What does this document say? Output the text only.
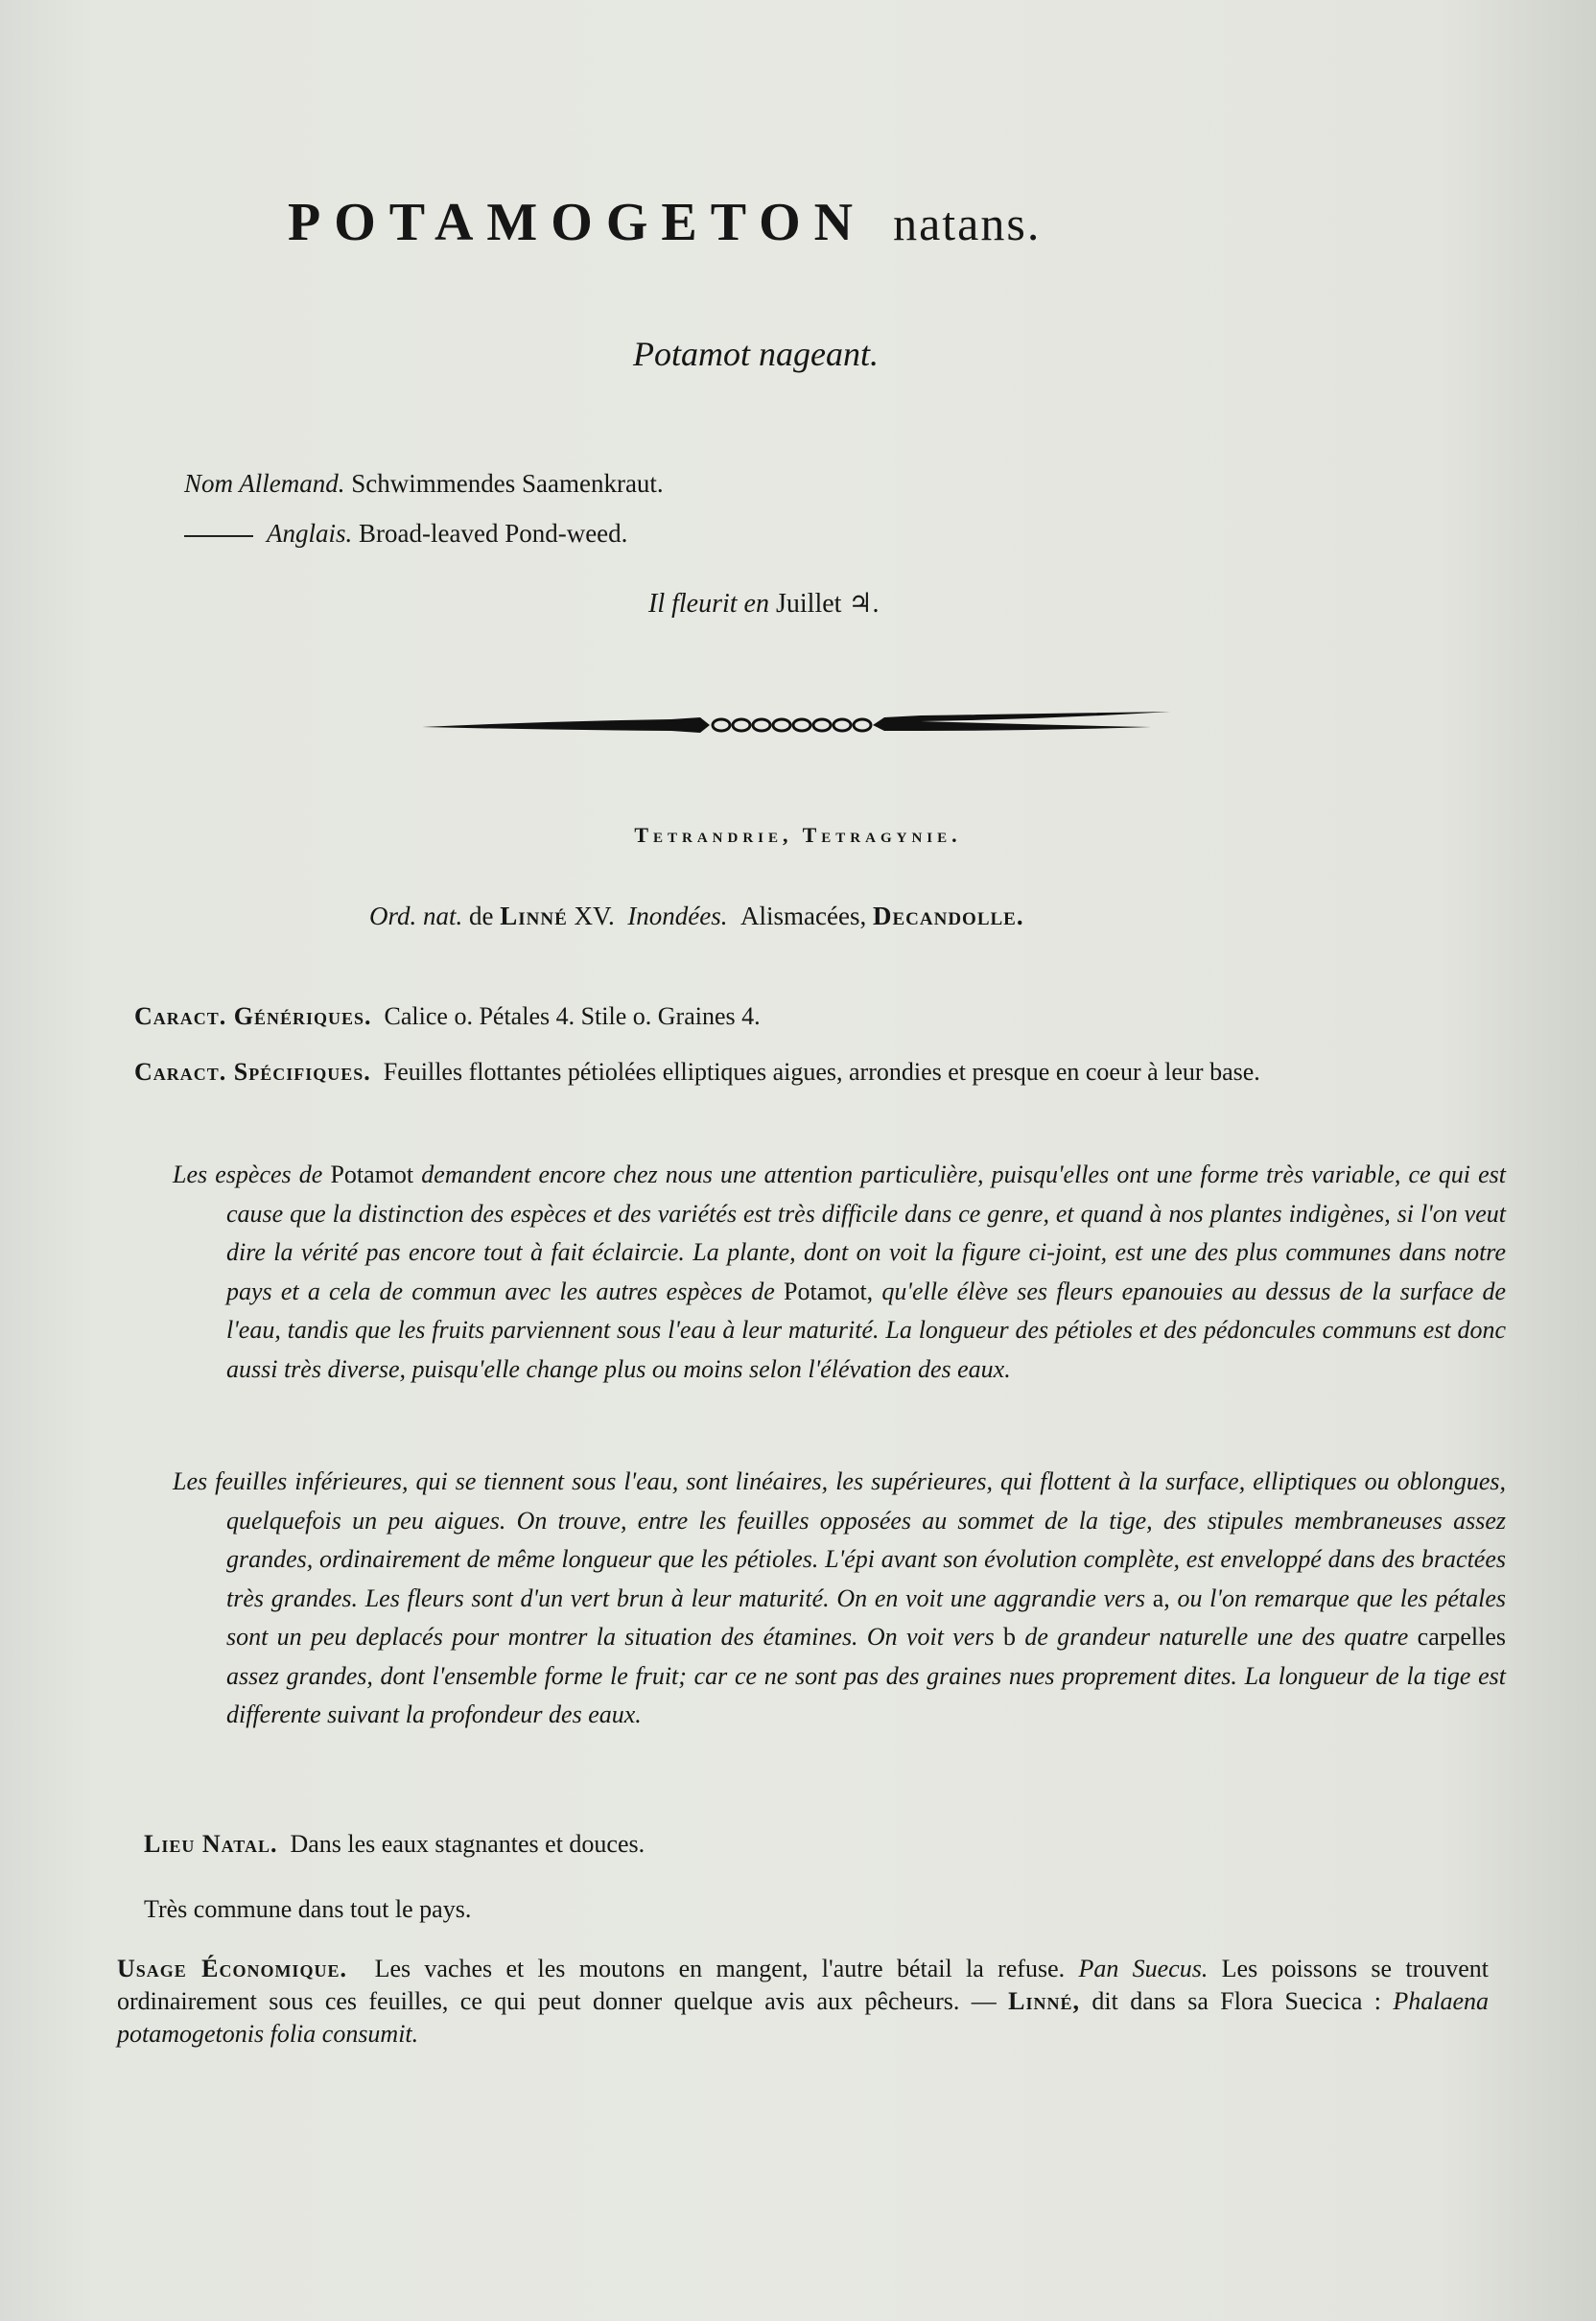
POTAMOGETON natans.
Potamot nageant.
Nom Allemand. Schwimmendes Saamenkraut.
Anglais. Broad-leaved Pond-weed.
Il fleurit en Juillet ♃.
Tetrandrie, Tetragynie.
Ord. nat. de Linné XV. Inondées. Alismacées, Decandolle.
Caract. Génériques. Calice o. Pétales 4. Stile o. Graines 4.
Caract. Spécifiques. Feuilles flottantes pétiolées elliptiques aigues, arrondies et presque en coeur à leur base.

Les espèces de Potamot demandent encore chez nous une attention particulière, puisqu'elles ont une forme très variable, ce qui est cause que la distinction des espèces et des variétés est très difficile dans ce genre, et quand à nos plantes indigènes, si l'on veut dire la vérité pas encore tout à fait éclaircie. La plante, dont on voit la figure ci-joint, est une des plus communes dans notre pays et a cela de commun avec les autres espèces de Potamot, qu'elle élève ses fleurs epanouies au dessus de la surface de l'eau, tandis que les fruits parviennent sous l'eau à leur maturité. La longueur des pétioles et des pédoncules communs est donc aussi très diverse, puisqu'elle change plus ou moins selon l'élévation des eaux.

Les feuilles inférieures, qui se tiennent sous l'eau, sont linéaires, les supérieures, qui flottent à la surface, elliptiques ou oblongues, quelquefois un peu aigues. On trouve, entre les feuilles opposées au sommet de la tige, des stipules membraneuses assez grandes, ordinairement de même longueur que les pétioles. L'épi avant son évolution complète, est enveloppé dans des bractées très grandes. Les fleurs sont d'un vert brun à leur maturité. On en voit une aggrandie vers a, ou l'on remarque que les pétales sont un peu deplacés pour montrer la situation des étamines. On voit vers b de grandeur naturelle une des quatre carpelles assez grandes, dont l'ensemble forme le fruit; car ce ne sont pas des graines nues proprement dites. La longueur de la tige est differente suivant la profondeur des eaux.

Lieu Natal. Dans les eaux stagnantes et douces.
Très commune dans tout le pays.
Usage Économique. Les vaches et les moutons en mangent, l'autre bétail la refuse. Pan Suecus. Les poissons se trouvent ordinairement sous ces feuilles, ce qui peut donner quelque avis aux pêcheurs. — Linné, dit dans sa Flora Suecica : Phalaena potamogetonis folia consumit.
